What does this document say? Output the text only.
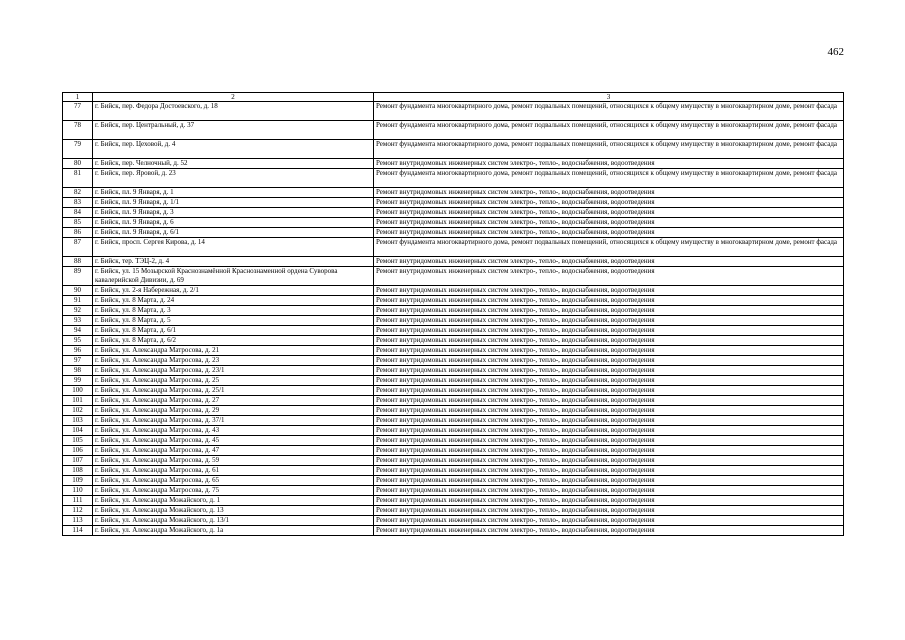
462
1	2	3
77	г. Бийск, пер. Федора Достоевского, д. 18	Ремонт фундамента многоквартирного дома, ремонт подвальных помещений, относящихся к общему имуществу в многоквартирном доме, ремонт фасада
78	г. Бийск, пер. Центральный, д. 37	Ремонт фундамента многоквартирного дома, ремонт подвальных помещений, относящихся к общему имуществу в многоквартирном доме, ремонт фасада
79	г. Бийск, пер. Цеховой, д. 4	Ремонт фундамента многоквартирного дома, ремонт подвальных помещений, относящихся к общему имуществу в многоквартирном доме, ремонт фасада
80	г. Бийск, пер. Челночный, д. 52	Ремонт внутридомовых инженерных систем электро-, тепло-, водоснабжения, водоотведения
81	г. Бийск, пер. Яровой, д. 23	Ремонт фундамента многоквартирного дома, ремонт подвальных помещений, относящихся к общему имуществу в многоквартирном доме, ремонт фасада
82	г. Бийск, пл. 9 Января, д. 1	Ремонт внутридомовых инженерных систем электро-, тепло-, водоснабжения, водоотведения
83	г. Бийск, пл. 9 Января, д. 1/1	Ремонт внутридомовых инженерных систем электро-, тепло-, водоснабжения, водоотведения
84	г. Бийск, пл. 9 Января, д. 3	Ремонт внутридомовых инженерных систем электро-, тепло-, водоснабжения, водоотведения
85	г. Бийск, пл. 9 Января, д. 6	Ремонт внутридомовых инженерных систем электро-, тепло-, водоснабжения, водоотведения
86	г. Бийск, пл. 9 Января, д. 6/1	Ремонт внутридомовых инженерных систем электро-, тепло-, водоснабжения, водоотведения
87	г. Бийск, просп. Сергея Кирова, д. 14	Ремонт фундамента многоквартирного дома, ремонт подвальных помещений, относящихся к общему имуществу в многоквартирном доме, ремонт фасада
88	г. Бийск, тер. ТЭЦ-2, д. 4	Ремонт внутридомовых инженерных систем электро-, тепло-, водоснабжения, водоотведения
89	г. Бийск, ул. 15 Мозырской Краснознамённой Краснознаменной ордена Суворова кавалерийской Дивизии, д. 69	Ремонт внутридомовых инженерных систем электро-, тепло-, водоснабжения, водоотведения
90	г. Бийск, ул. 2-я Набережная, д. 2/1	Ремонт внутридомовых инженерных систем электро-, тепло-, водоснабжения, водоотведения
91	г. Бийск, ул. 8 Марта, д. 24	Ремонт внутридомовых инженерных систем электро-, тепло-, водоснабжения, водоотведения
92	г. Бийск, ул. 8 Марта, д. 3	Ремонт внутридомовых инженерных систем электро-, тепло-, водоснабжения, водоотведения
93	г. Бийск, ул. 8 Марта, д. 5	Ремонт внутридомовых инженерных систем электро-, тепло-, водоснабжения, водоотведения
94	г. Бийск, ул. 8 Марта, д. 6/1	Ремонт внутридомовых инженерных систем электро-, тепло-, водоснабжения, водоотведения
95	г. Бийск, ул. 8 Марта, д. 6/2	Ремонт внутридомовых инженерных систем электро-, тепло-, водоснабжения, водоотведения
96	г. Бийск, ул. Александра Матросова, д. 21	Ремонт внутридомовых инженерных систем электро-, тепло-, водоснабжения, водоотведения
97	г. Бийск, ул. Александра Матросова, д. 23	Ремонт внутридомовых инженерных систем электро-, тепло-, водоснабжения, водоотведения
98	г. Бийск, ул. Александра Матросова, д. 23/1	Ремонт внутридомовых инженерных систем электро-, тепло-, водоснабжения, водоотведения
99	г. Бийск, ул. Александра Матросова, д. 25	Ремонт внутридомовых инженерных систем электро-, тепло-, водоснабжения, водоотведения
100	г. Бийск, ул. Александра Матросова, д. 25/1	Ремонт внутридомовых инженерных систем электро-, тепло-, водоснабжения, водоотведения
101	г. Бийск, ул. Александра Матросова, д. 27	Ремонт внутридомовых инженерных систем электро-, тепло-, водоснабжения, водоотведения
102	г. Бийск, ул. Александра Матросова, д. 29	Ремонт внутридомовых инженерных систем электро-, тепло-, водоснабжения, водоотведения
103	г. Бийск, ул. Александра Матросова, д. 37/1	Ремонт внутридомовых инженерных систем электро-, тепло-, водоснабжения, водоотведения
104	г. Бийск, ул. Александра Матросова, д. 43	Ремонт внутридомовых инженерных систем электро-, тепло-, водоснабжения, водоотведения
105	г. Бийск, ул. Александра Матросова, д. 45	Ремонт внутридомовых инженерных систем электро-, тепло-, водоснабжения, водоотведения
106	г. Бийск, ул. Александра Матросова, д. 47	Ремонт внутридомовых инженерных систем электро-, тепло-, водоснабжения, водоотведения
107	г. Бийск, ул. Александра Матросова, д. 59	Ремонт внутридомовых инженерных систем электро-, тепло-, водоснабжения, водоотведения
108	г. Бийск, ул. Александра Матросова, д. 61	Ремонт внутридомовых инженерных систем электро-, тепло-, водоснабжения, водоотведения
109	г. Бийск, ул. Александра Матросова, д. 65	Ремонт внутридомовых инженерных систем электро-, тепло-, водоснабжения, водоотведения
110	г. Бийск, ул. Александра Матросова, д. 75	Ремонт внутридомовых инженерных систем электро-, тепло-, водоснабжения, водоотведения
111	г. Бийск, ул. Александра Можайского, д. 1	Ремонт внутридомовых инженерных систем электро-, тепло-, водоснабжения, водоотведения
112	г. Бийск, ул. Александра Можайского, д. 13	Ремонт внутридомовых инженерных систем электро-, тепло-, водоснабжения, водоотведения
113	г. Бийск, ул. Александра Можайского, д. 13/1	Ремонт внутридомовых инженерных систем электро-, тепло-, водоснабжения, водоотведения
114	г. Бийск, ул. Александра Можайского, д. 1а	Ремонт внутридомовых инженерных систем электро-, тепло-, водоснабжения, водоотведения
